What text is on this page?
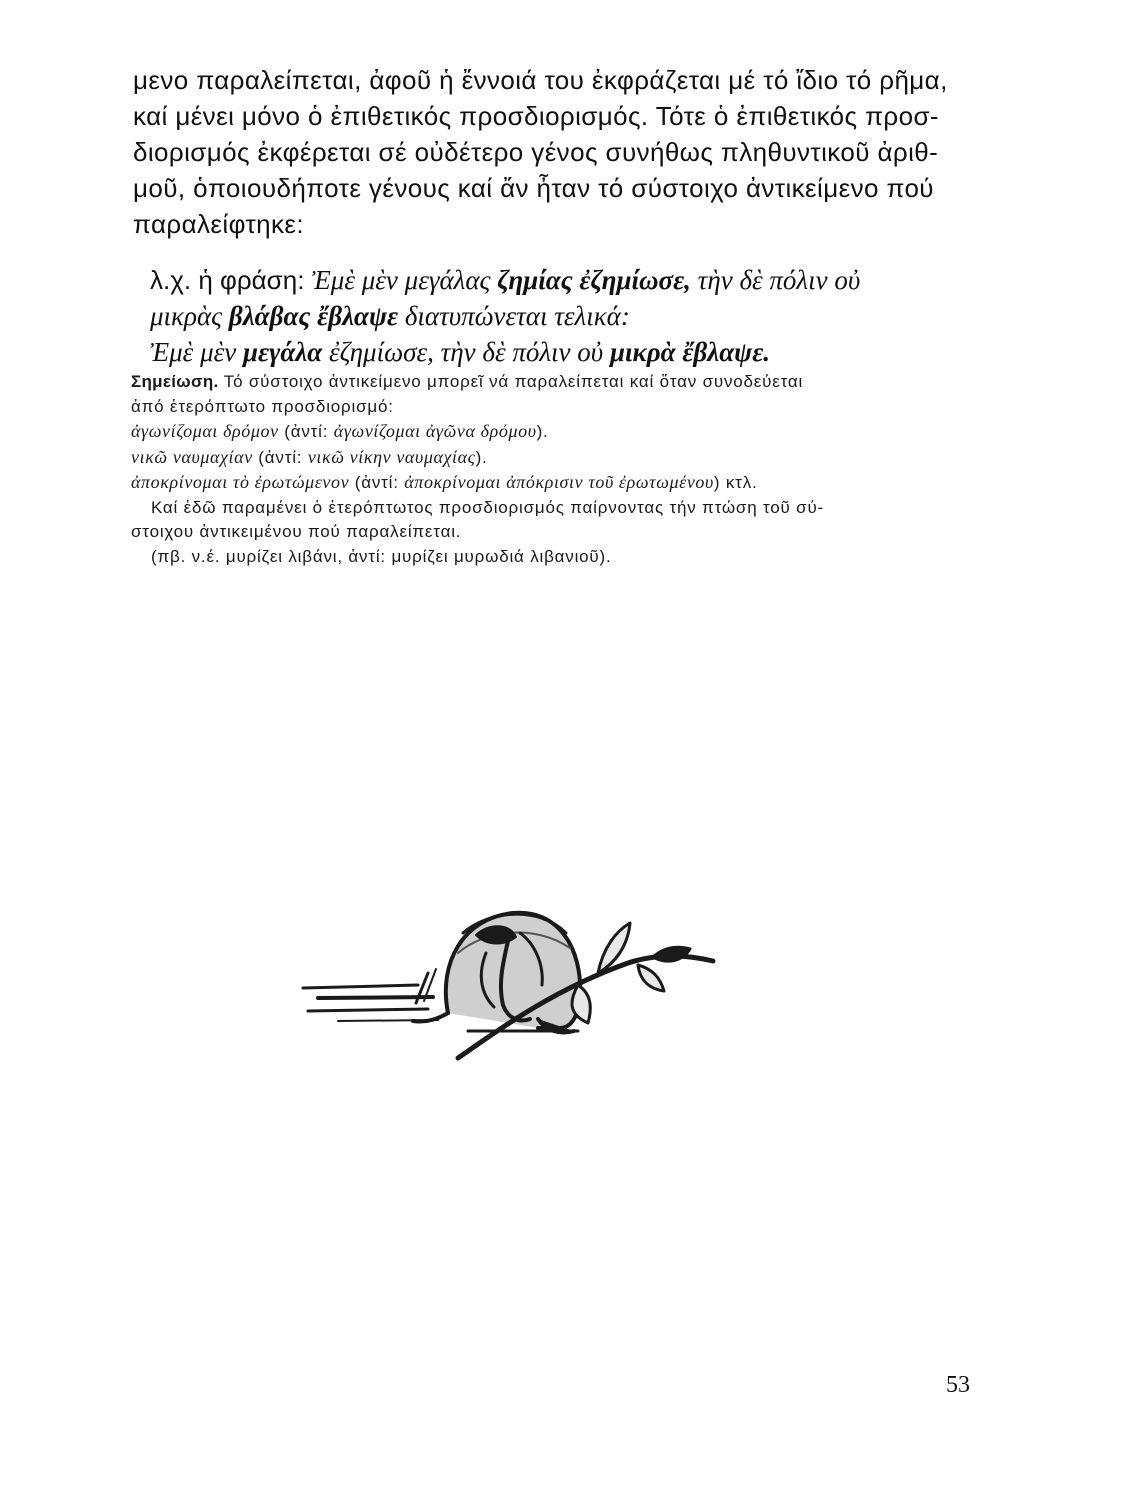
μενο παραλείπεται, ἀφοῦ ἡ ἔννοιά του ἐκφράζεται μέ τό ἴδιο τό ρῆμα,
καί μένει μόνο ὁ ἐπιθετικός προσδιορισμός. Τότε ὁ ἐπιθετικός προσ-
διορισμός ἐκφέρεται σέ οὐδέτερο γένος συνήθως πληθυντικοῦ ἀριθ-
μοῦ, ὁποιουδήποτε γένους καί ἄν ἦταν τό σύστοιχο ἀντικείμενο πού
παραλείφτηκε:
λ.χ. ἡ φράση: Ἐμὲ μὲν μεγάλας ζημίας ἐζημίωσε, τὴν δὲ πόλιν οὐ
μικρὰς βλάβας ἔβλαψε διατυπώνεται τελικά:
Ἐμὲ μὲν μεγάλα ἐζημίωσε, τὴν δὲ πόλιν οὐ μικρὰ ἔβλαψε.
Σημείωση. Τό σύστοιχο ἀντικείμενο μπορεῖ νά παραλείπεται καί ὅταν συνοδεύεται
ἀπό ἑτερόπτωτο προσδιορισμό:
ἀγωνίζομαι δρόμον (ἀντί: ἀγωνίζομαι ἀγῶνα δρόμου).
νικῶ ναυμαχίαν (ἀντί: νικῶ νίκην ναυμαχίας).
ἀποκρίνομαι τὸ ἐρωτώμενον (ἀντί: ἀποκρίνομαι ἀπόκρισιν τοῦ ἐρωτωμένου) κτλ.
Καί ἐδῶ παραμένει ὁ ἑτερόπτωτος προσδιορισμός παίρνοντας τήν πτώση τοῦ σύ-
στοιχου ἀντικειμένου πού παραλείπεται.
(πβ. ν.έ. μυρίζει λιβάνι, ἀντί: μυρίζει μυρωδιά λιβανιοῦ).
53
